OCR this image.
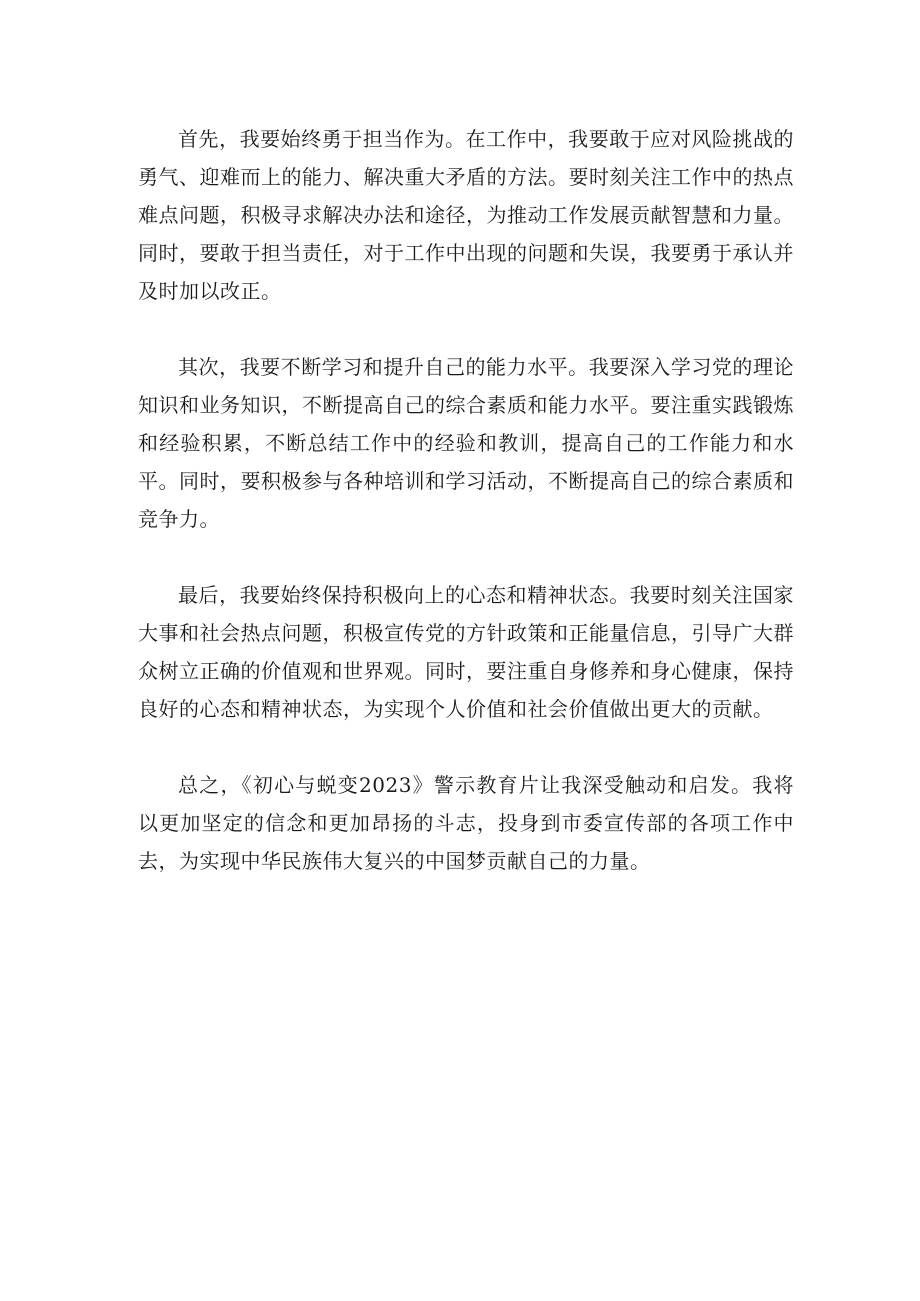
首先，我要始终勇于担当作为。在工作中，我要敢于应对风险挑战的勇气、迎难而上的能力、解决重大矛盾的方法。要时刻关注工作中的热点难点问题，积极寻求解决办法和途径，为推动工作发展贡献智慧和力量。同时，要敢于担当责任，对于工作中出现的问题和失误，我要勇于承认并及时加以改正。

其次，我要不断学习和提升自己的能力水平。我要深入学习党的理论知识和业务知识，不断提高自己的综合素质和能力水平。要注重实践锻炼和经验积累，不断总结工作中的经验和教训，提高自己的工作能力和水平。同时，要积极参与各种培训和学习活动，不断提高自己的综合素质和竞争力。

最后，我要始终保持积极向上的心态和精神状态。我要时刻关注国家大事和社会热点问题，积极宣传党的方针政策和正能量信息，引导广大群众树立正确的价值观和世界观。同时，要注重自身修养和身心健康，保持良好的心态和精神状态，为实现个人价值和社会价值做出更大的贡献。

总之，《初心与蜕变2023》警示教育片让我深受触动和启发。我将以更加坚定的信念和更加昂扬的斗志，投身到市委宣传部的各项工作中去，为实现中华民族伟大复兴的中国梦贡献自己的力量。
